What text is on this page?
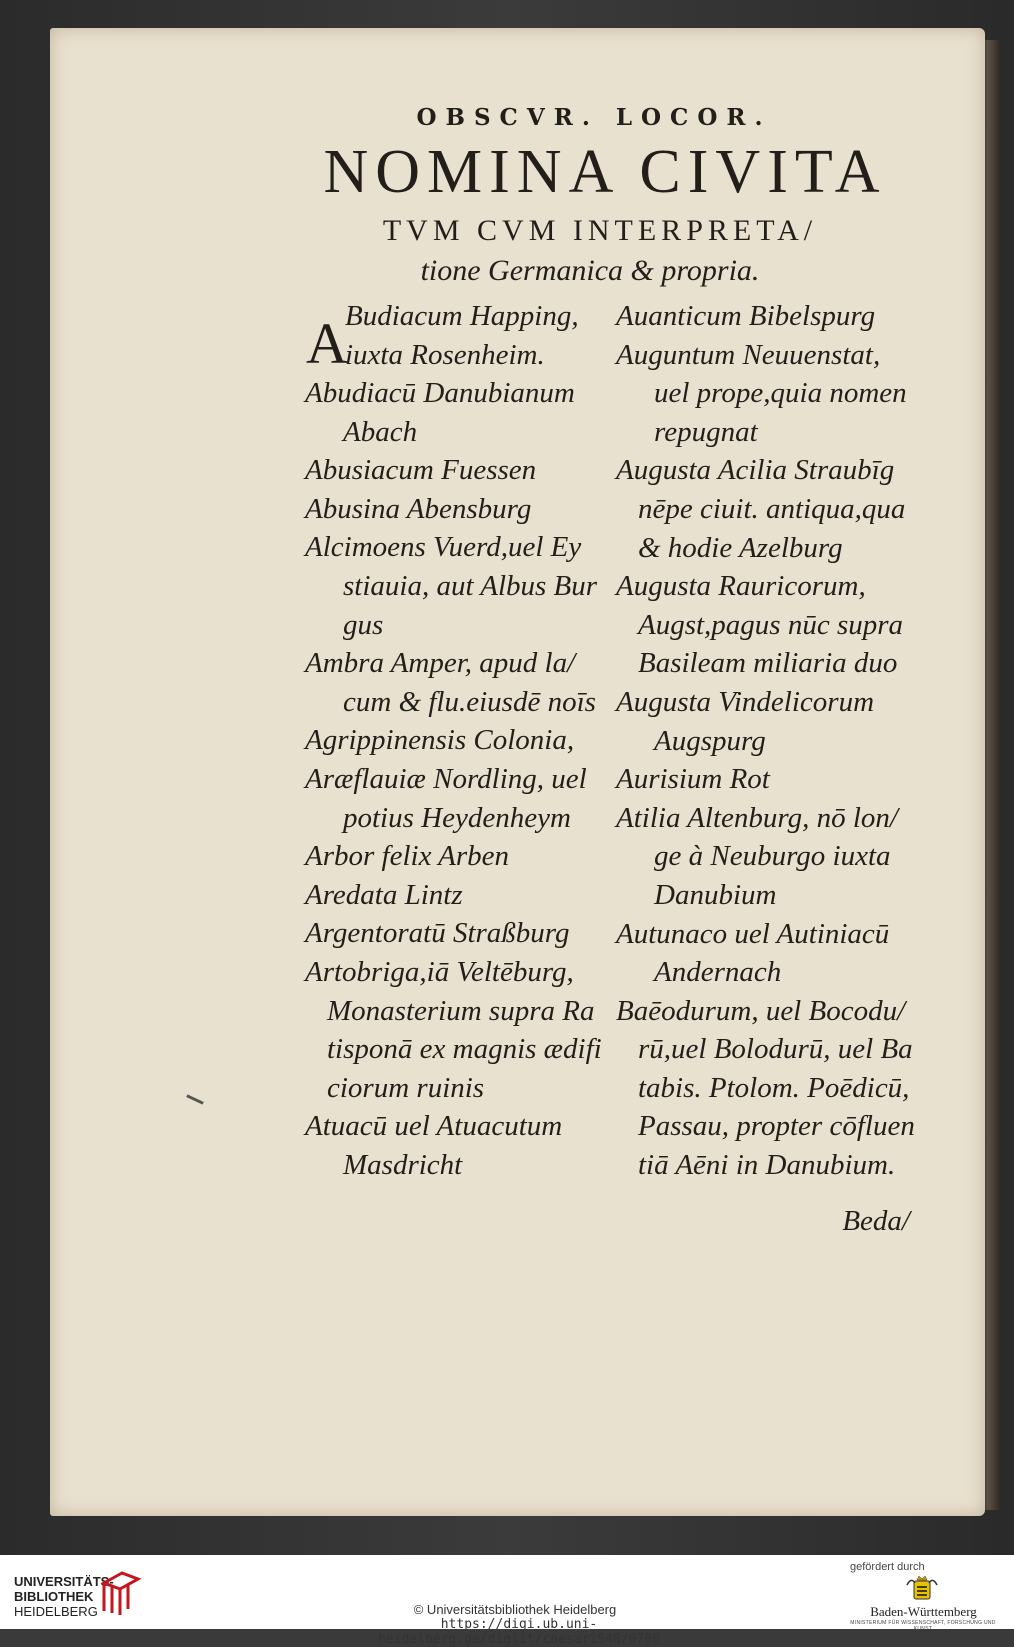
OBSCVR. LOCOR.
NOMINA CIVITA
TVM CVM INTERPRETA/
tione Germanica & propria.
A
Budiacum Happing,
iuxta Rosenheim.
Abudiacū Danubianum
Abach
Abusiacum Fuessen
Abusina Abensburg
Alcimoens Vuerd,uel Ey
stiauia, aut Albus Bur
gus
Ambra Amper, apud la/
cum & flu.eiusdē noīs
Agrippinensis Colonia,
Aræflauiæ Nordling, uel
potius Heydenheym
Arbor felix Arben
Aredata Lintz
Argentoratū Straßburg
Artobriga,iā Veltēburg,
Monasterium supra Ra
tisponā ex magnis ædifi
ciorum ruinis
Atuacū uel Atuacutum
Masdricht
Auanticum Bibelspurg
Auguntum Neuuenstat,
uel prope,quia nomen
repugnat
Augusta Acilia Straubīg
nēpe ciuit. antiqua,qua
& hodie Azelburg
Augusta Rauricorum,
Augst,pagus nūc supra
Basileam miliaria duo
Augusta Vindelicorum
Augspurg
Aurisium Rot
Atilia Altenburg, nō lon/
ge à Neuburgo iuxta
Danubium
Autunaco uel Autiniacū
Andernach
Baēodurum, uel Bocodu/
rū,uel Bolodurū, uel Ba
tabis. Ptolom. Poēdicū,
Passau, propter cōfluen
tiā Aēni in Danubium.
Beda/
UNIVERSITÄTS-
BIBLIOTHEK
HEIDELBERG	© Universitätsbibliothek Heidelberg
https://digi.ub.uni-heidelberg.de/diglit/caesar1548/0780
gefördert durch
Baden-Württemberg
MINISTERIUM FÜR WISSENSCHAFT, FORSCHUNG UND KUNST
